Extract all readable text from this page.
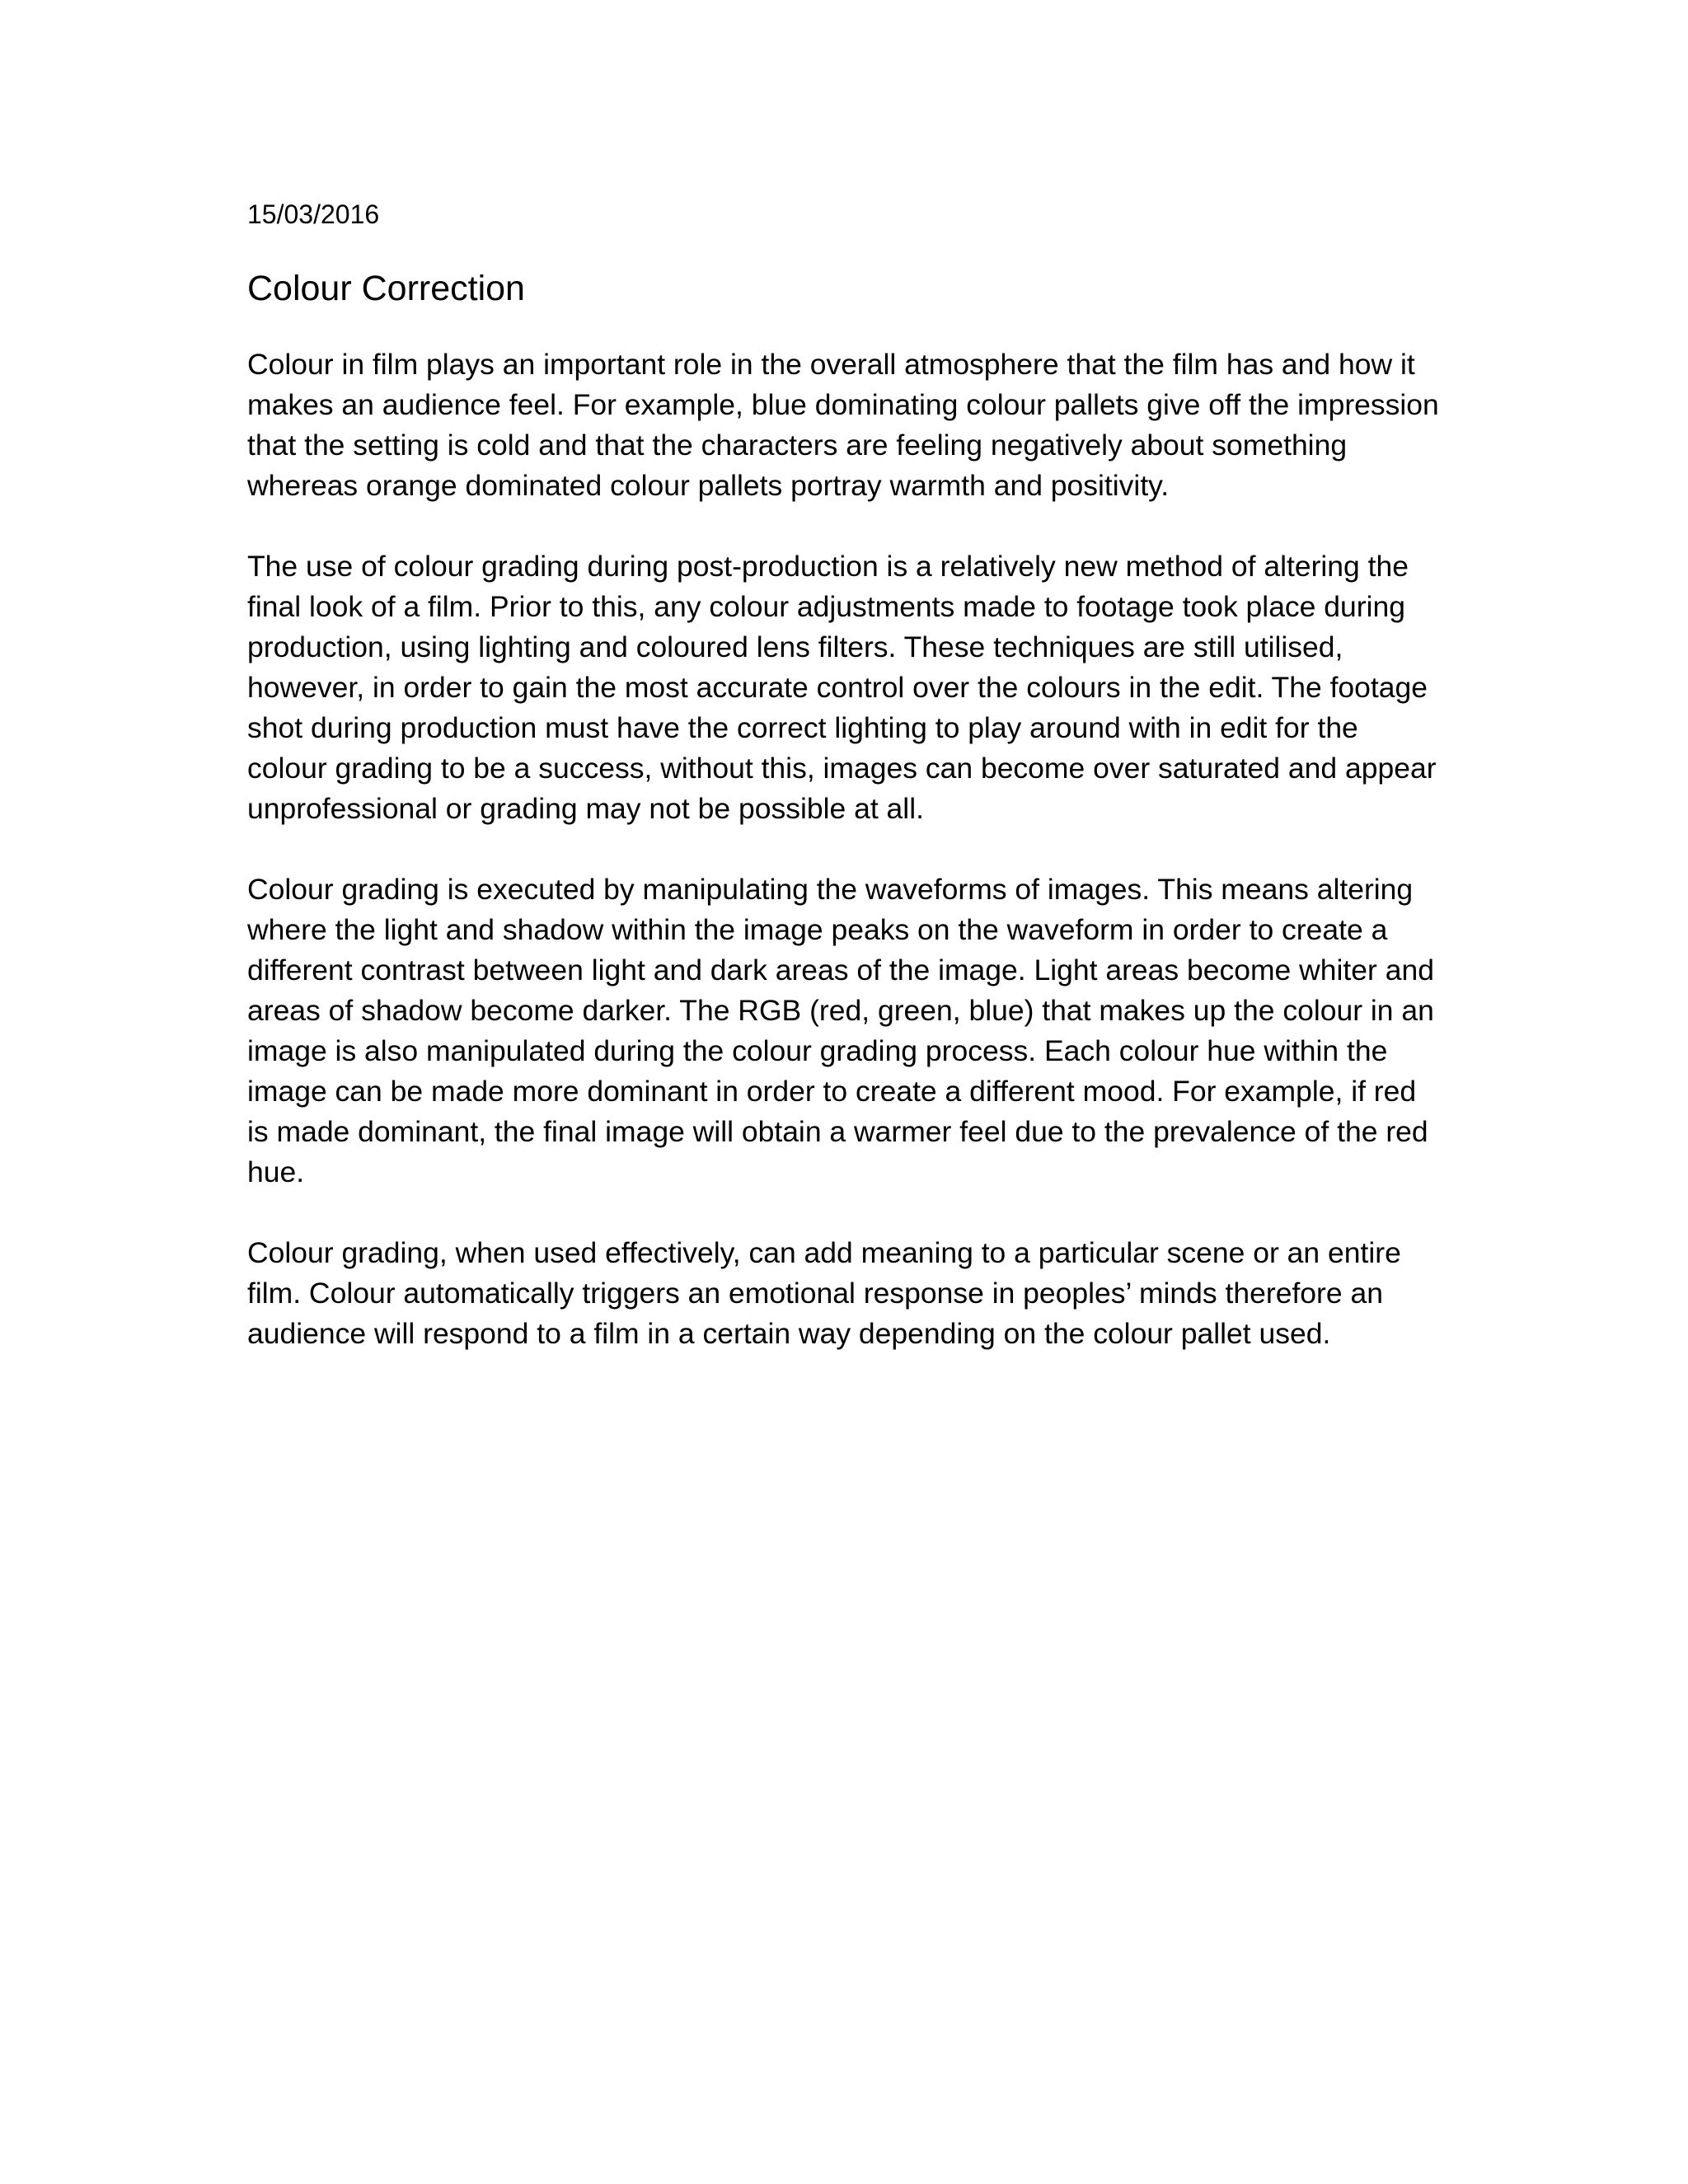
15/03/2016

Colour Correction

Colour in film plays an important role in the overall atmosphere that the film has and how it makes an audience feel. For example, blue dominating colour pallets give off the impression that the setting is cold and that the characters are feeling negatively about something whereas orange dominated colour pallets portray warmth and positivity.

The use of colour grading during post-production is a relatively new method of altering the final look of a film. Prior to this, any colour adjustments made to footage took place during production, using lighting and coloured lens filters. These techniques are still utilised, however, in order to gain the most accurate control over the colours in the edit. The footage shot during production must have the correct lighting to play around with in edit for the colour grading to be a success, without this, images can become over saturated and appear unprofessional or grading may not be possible at all.

Colour grading is executed by manipulating the waveforms of images. This means altering where the light and shadow within the image peaks on the waveform in order to create a different contrast between light and dark areas of the image. Light areas become whiter and areas of shadow become darker. The RGB (red, green, blue) that makes up the colour in an image is also manipulated during the colour grading process. Each colour hue within the image can be made more dominant in order to create a different mood. For example, if red is made dominant, the final image will obtain a warmer feel due to the prevalence of the red hue.

Colour grading, when used effectively, can add meaning to a particular scene or an entire film. Colour automatically triggers an emotional response in peoples’ minds therefore an audience will respond to a film in a certain way depending on the colour pallet used.
